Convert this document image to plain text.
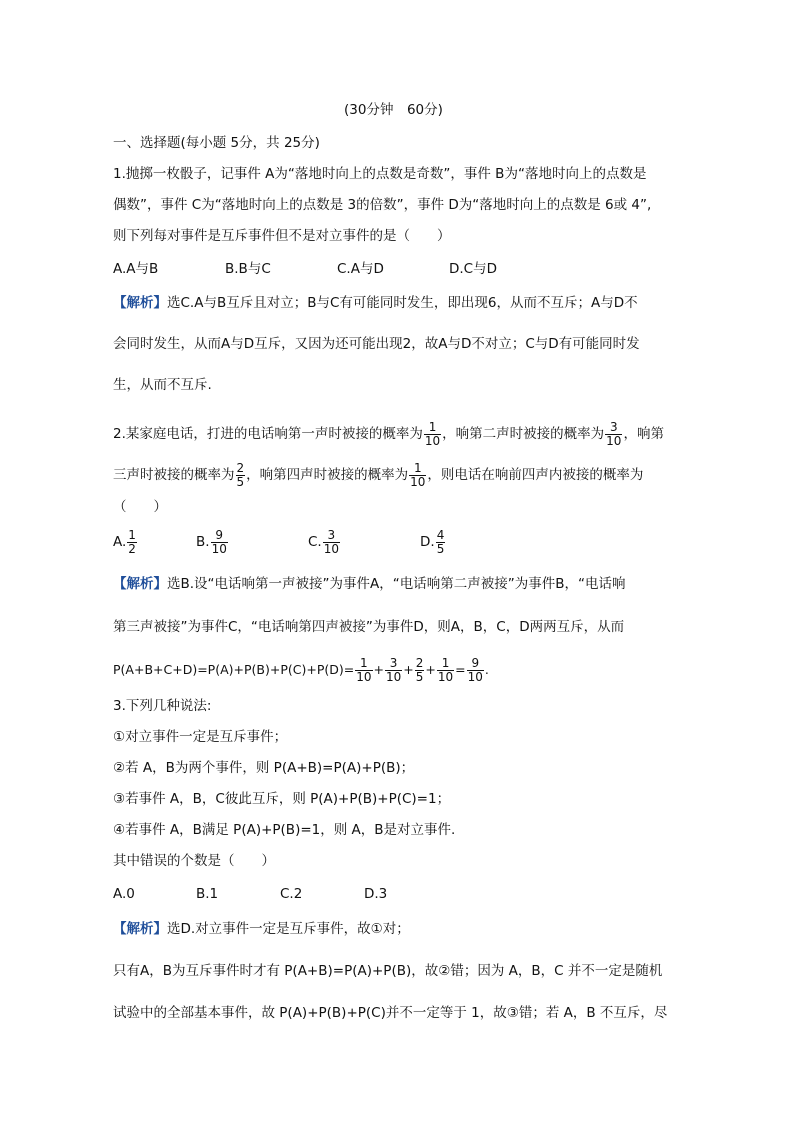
(30分钟　60分)
一、选择题(每小题 5分，共 25分)
1.抛掷一枚骰子，记事件 A为“落地时向上的点数是奇数”，事件 B为“落地时向上的点数是
偶数”，事件 C为“落地时向上的点数是 3的倍数”，事件 D为“落地时向上的点数是 6或 4”,
则下列每对事件是互斥事件但不是对立事件的是（　　）
A.A与B	B.B与C	C.A与D	D.C与D
【解析】选C.A与B互斥且对立；B与C有可能同时发生，即出现6，从而不互斥；A与D不
会同时发生，从而A与D互斥，又因为还可能出现2，故A与D不对立；C与D有可能同时发
生，从而不互斥.
2.某家庭电话，打进的电话响第一声时被接的概率为 $\frac{1}{10}$ ，响第二声时被接的概率为 $\frac{3}{10}$ ，响第
三声时被接的概率为 $\frac{2}{5}$ ，响第四声时被接的概率为 $\frac{1}{10}$ ，则电话在响前四声内被接的概率为
（　　）
A. $\frac{1}{2}$	B. $\frac{9}{10}$	C. $\frac{3}{10}$	D. $\frac{4}{5}$
【解析】选B.设“电话响第一声被接”为事件A，“电话响第二声被接”为事件B，“电话响
第三声被接”为事件C，“电话响第四声被接”为事件D，则A，B，C，D两两互斥，从而
$P(A+B+C+D)=P(A)+P(B)+P(C)+P(D)= \frac{1}{10} + \frac{3}{10} + \frac{2}{5} + \frac{1}{10} = \frac{9}{10}$ .
3.下列几种说法:
①对立事件一定是互斥事件；
②若 A，B为两个事件，则 P(A+B)=P(A)+P(B)；
③若事件 A，B，C彼此互斥，则 P(A)+P(B)+P(C)=1；
④若事件 A，B满足 P(A)+P(B)=1，则 A，B是对立事件.
其中错误的个数是（　　）
A.0	B.1	C.2	D.3
【解析】选D.对立事件一定是互斥事件，故①对；
只有A，B为互斥事件时才有 P(A+B)=P(A)+P(B)，故②错；因为 A，B，C 并不一定是随机
试验中的全部基本事件，故 P(A)+P(B)+P(C)并不一定等于 1，故③错；若 A，B 不互斥，尽
